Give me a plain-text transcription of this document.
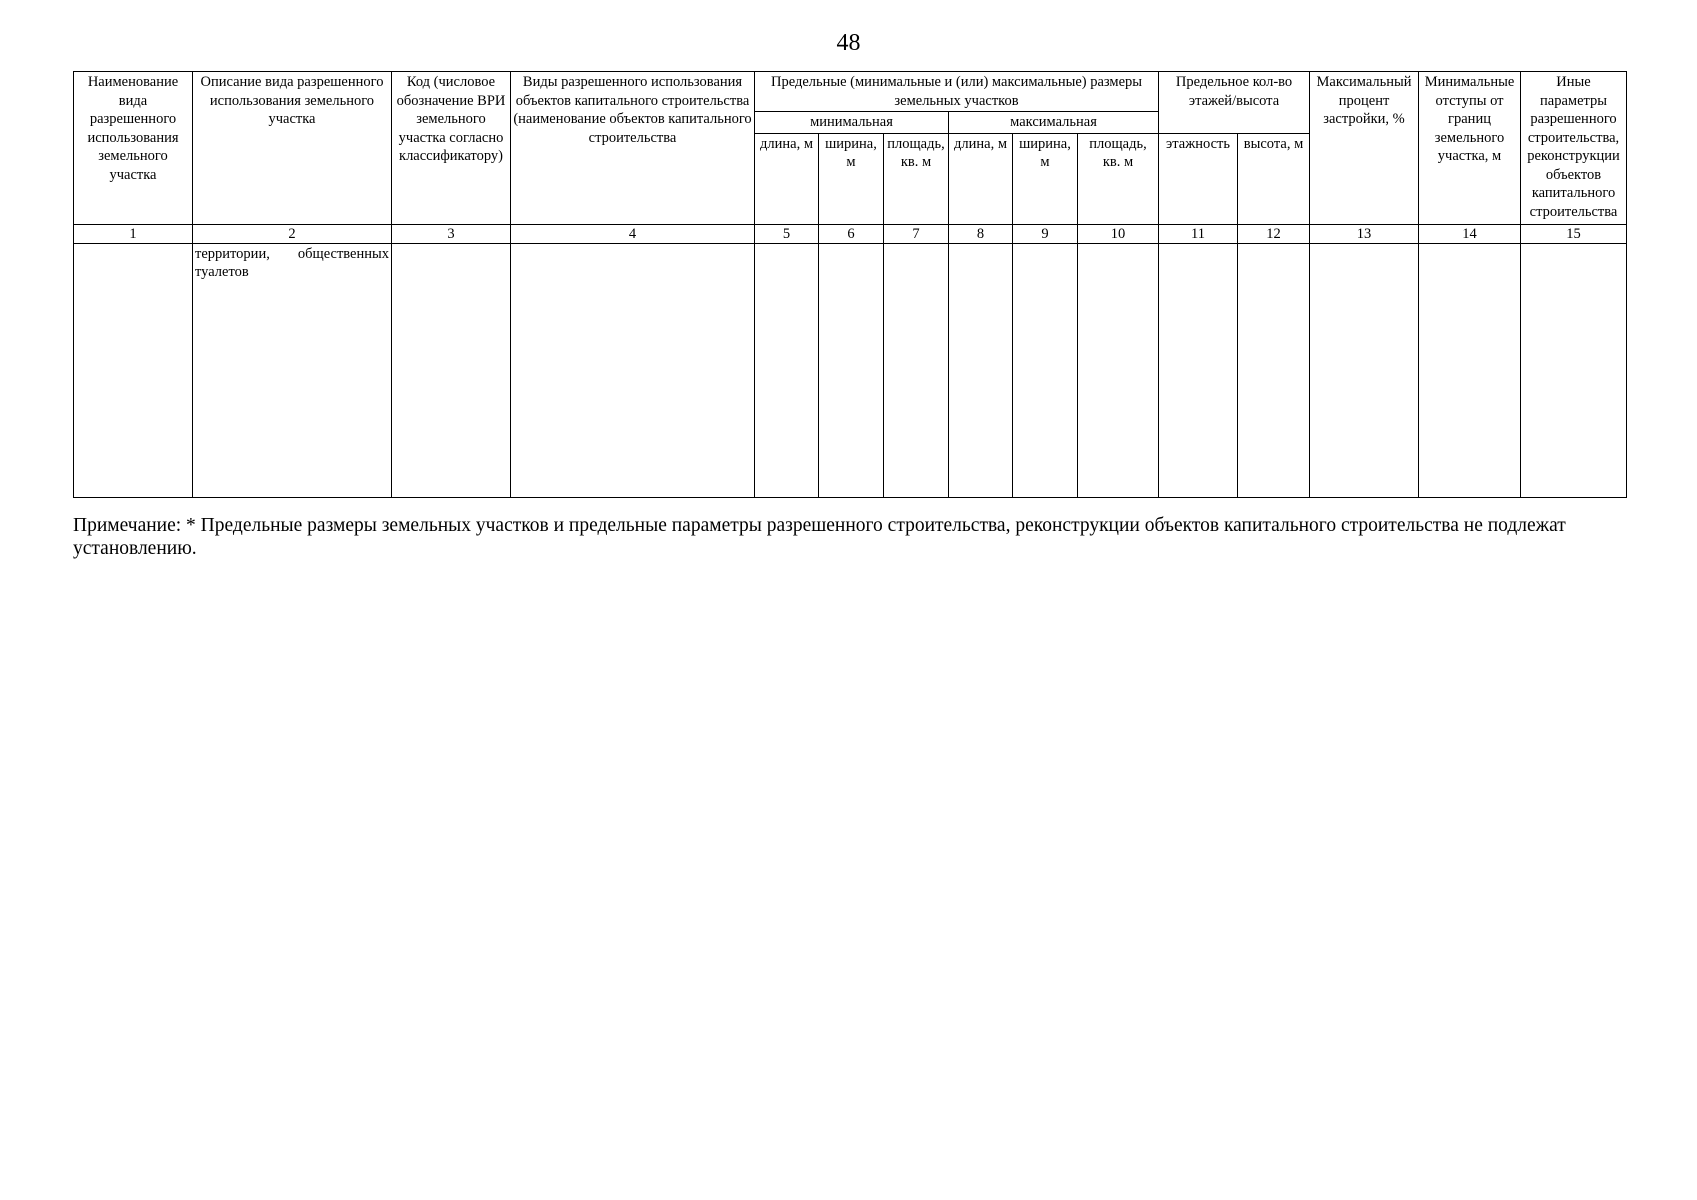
48
Наименование вида разрешенного использования земельного участка	Описание вида разрешенного использования земельного участка	Код (числовое обозначение ВРИ земельного участка согласно классификатору)	Виды разрешенного использования объектов капитального строительства (наименование объектов капитального строительства	Предельные (минимальные и (или) максимальные) размеры земельных участков						Предельное кол-во этажей/высота		Максимальный процент застройки, %	Минимальные отступы от границ земельного участка, м	Иные параметры разрешенного строительства, реконструкции объектов капитального строительства
				минимальная			максимальная							
				длина, м	ширина, м	площадь, кв. м	длина, м	ширина, м	площадь, кв. м	этажность	высота, м			
1	2	3	4	5	6	7	8	9	10	11	12	13	14	15
	территории, общественных туалетов													
Примечание: * Предельные размеры земельных участков и предельные параметры разрешенного строительства, реконструкции объектов капитального строительства не подлежат установлению.
